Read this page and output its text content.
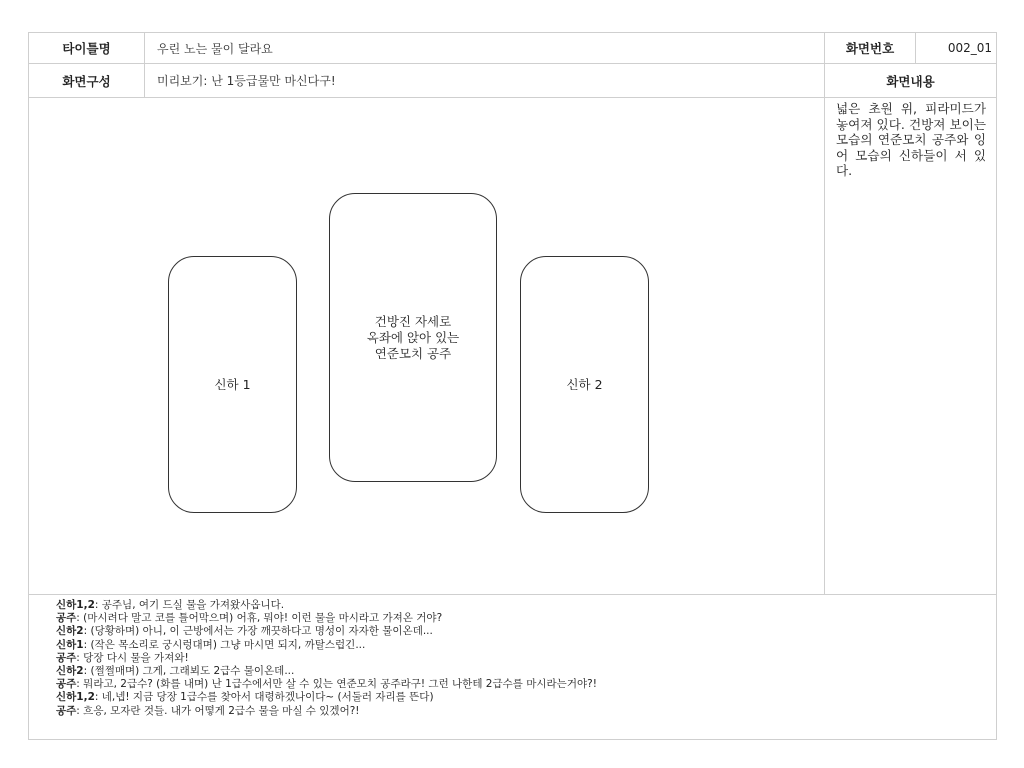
타이틀명	우린 노는 물이 달라요	화면번호	002_01
화면구성	미리보기: 난 1등급물만 마신다구!	화면내용
넓은 초원 위, 피라미드가 놓여져 있다. 건방져 보이는 모습의 연준모치 공주와 잉어 모습의 신하들이 서 있다.
신하 1
건방진 자세로
옥좌에 앉아 있는
연준모치 공주
신하 2
신하1,2: 공주님, 여기 드실 물을 가져왔사옵니다.
공주: (마시려다 말고 코를 틀어막으며) 어휴, 뭐야! 이런 물을 마시라고 가져온 거야?
신하2: (당황하며) 아니, 이 근방에서는 가장 깨끗하다고 명성이 자자한 물이온데...
신하1: (작은 목소리로 궁시렁대며) 그냥 마시면 되지, 까탈스럽긴...
공주: 당장 다시 물을 가져와!
신하2: (쩔쩔매며) 그게, 그래뵈도 2급수 물이온데...
공주: 뭐라고, 2급수? (화를 내며) 난 1급수에서만 살 수 있는 연준모치 공주라구! 그런 나한테 2급수를 마시라는거야?!
신하1,2: 네,넵! 지금 당장 1급수를 찾아서 대령하겠나이다~ (서둘러 자리를 뜬다)
공주: 흐응, 모자란 것들. 내가 어떻게 2급수 물을 마실 수 있겠어?!
